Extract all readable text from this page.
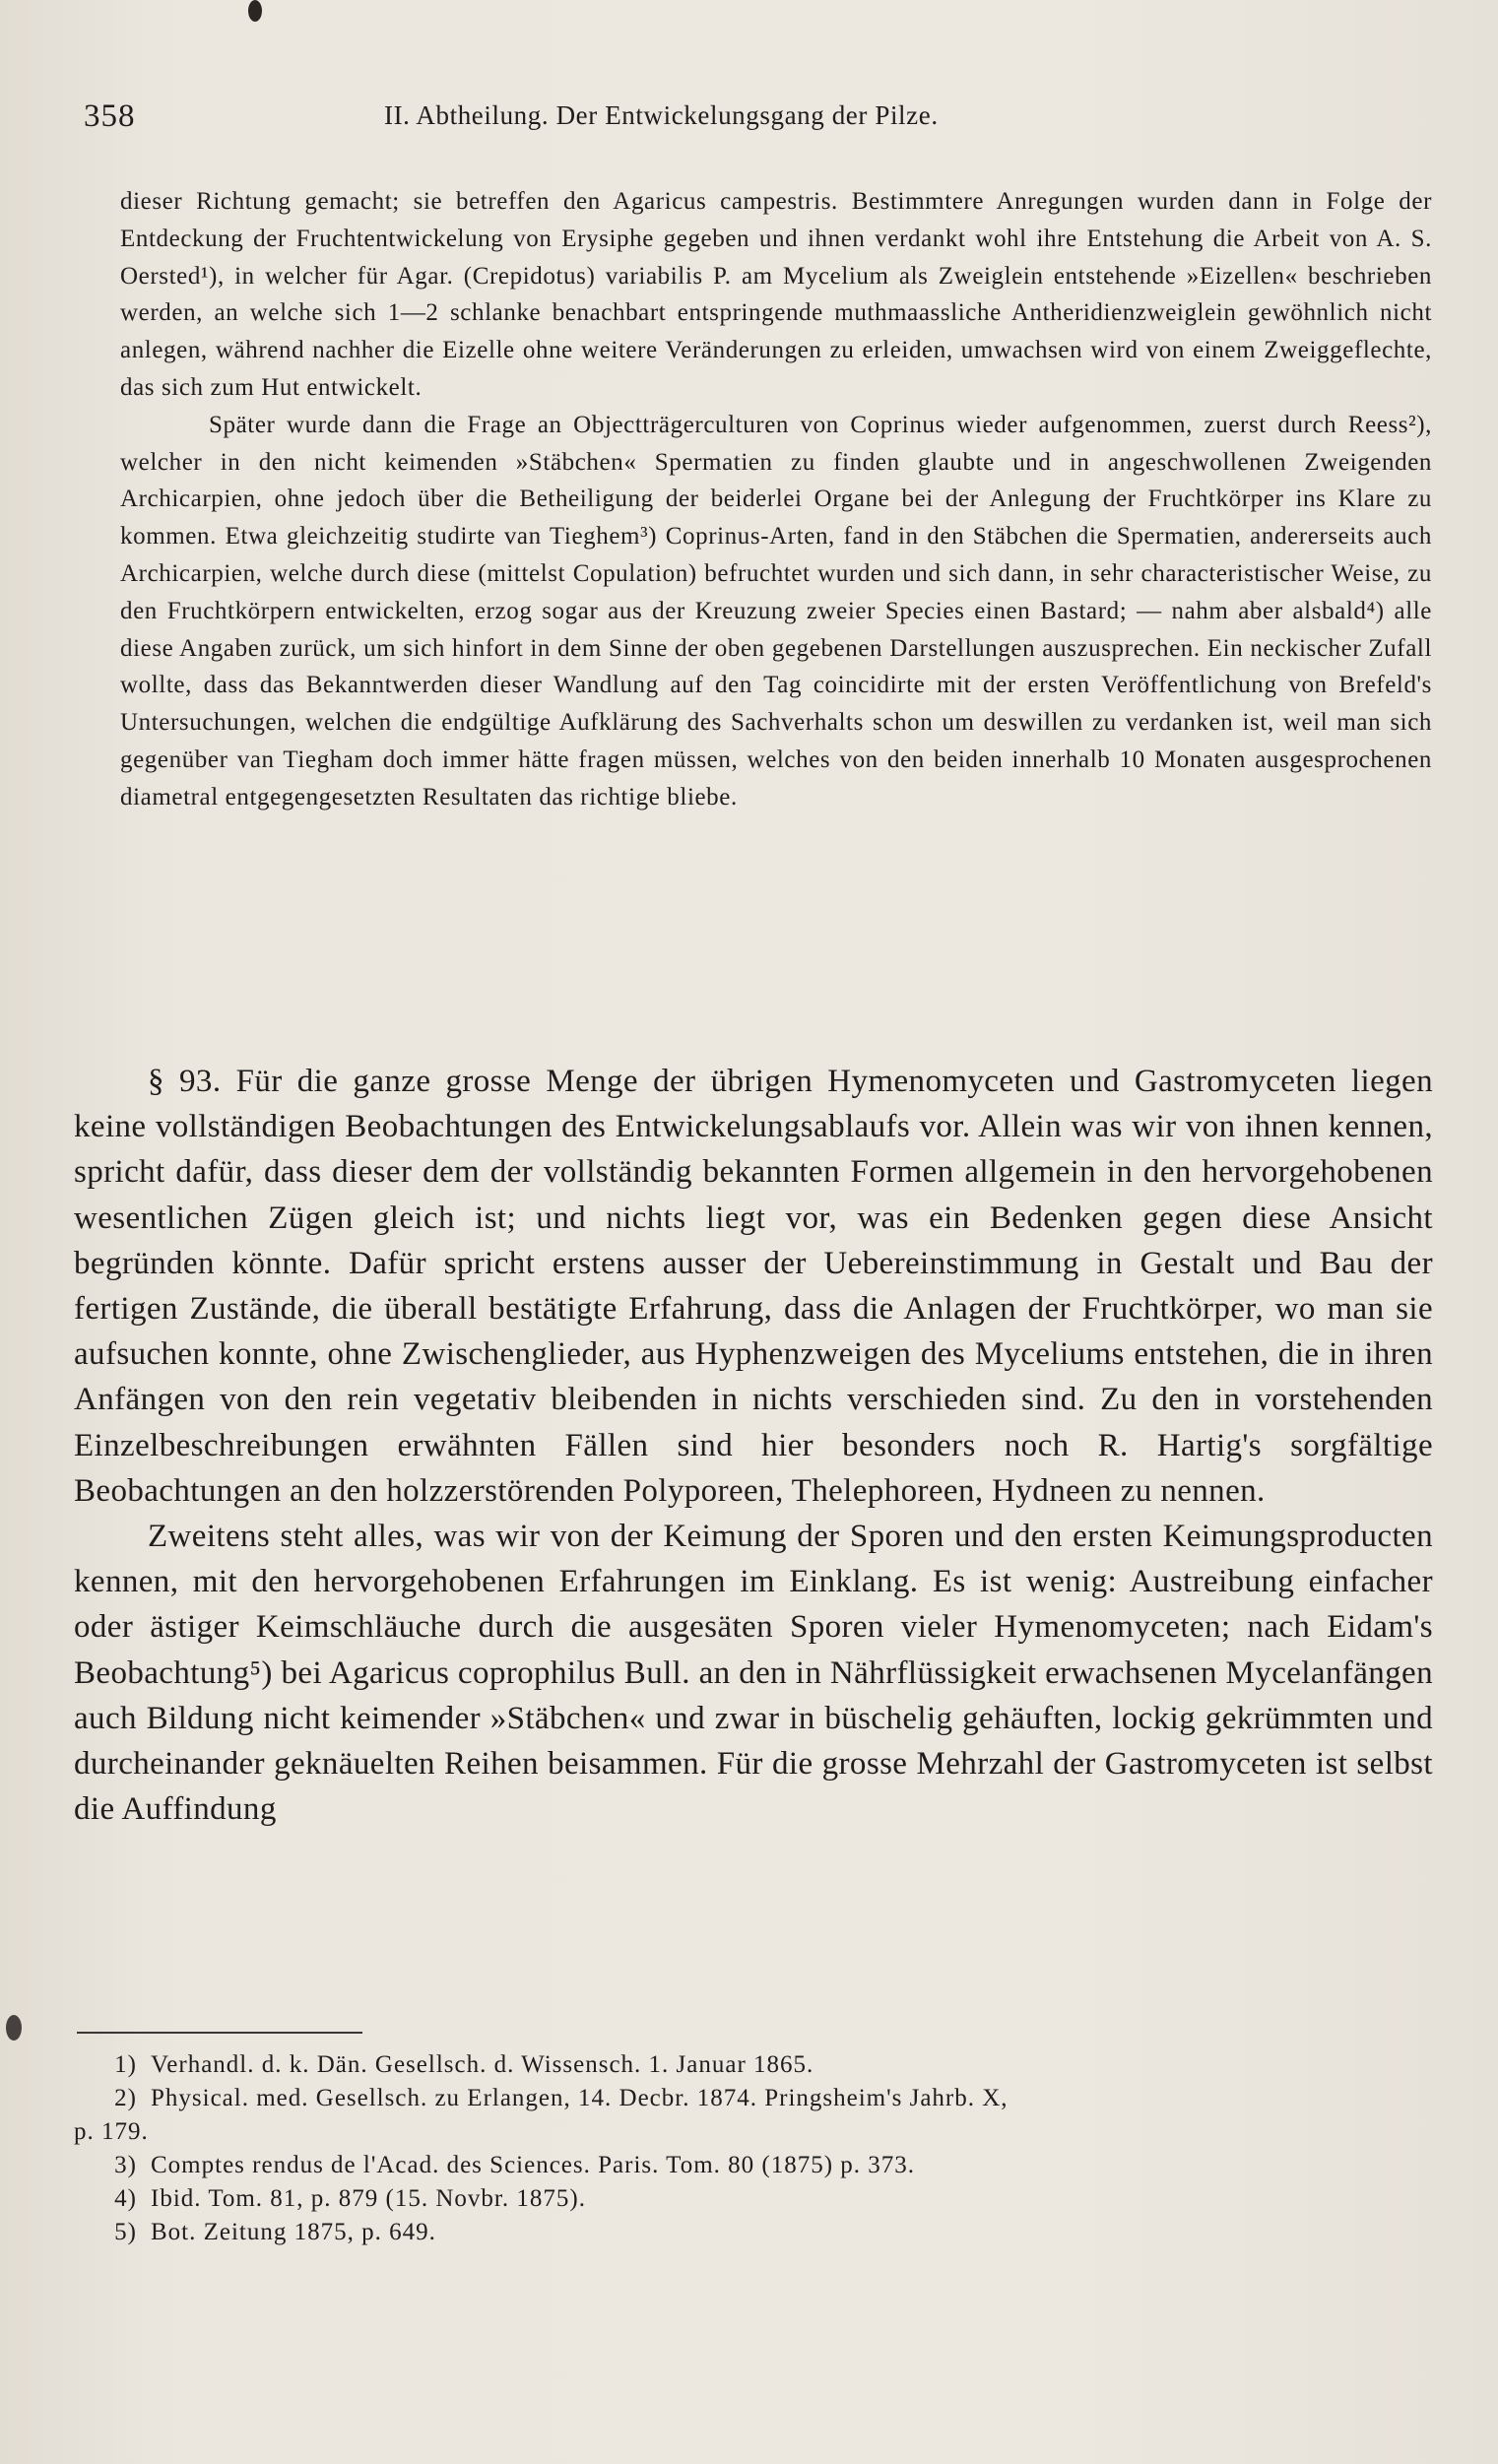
358	II. Abtheilung. Der Entwickelungsgang der Pilze.

dieser Richtung gemacht; sie betreffen den Agaricus campestris. Bestimmtere Anregungen wurden dann in Folge der Entdeckung der Fruchtentwickelung von Erysiphe gegeben und ihnen verdankt wohl ihre Entstehung die Arbeit von A. S. Oersted¹), in welcher für Agar. (Crepidotus) variabilis P. am Mycelium als Zweiglein entstehende »Eizellen« beschrieben werden, an welche sich 1—2 schlanke benachbart entspringende muthmaassliche Antheridienzweiglein gewöhnlich nicht anlegen, während nachher die Eizelle ohne weitere Veränderungen zu erleiden, umwachsen wird von einem Zweiggeflechte, das sich zum Hut entwickelt.

Später wurde dann die Frage an Objectträgerculturen von Coprinus wieder aufgenommen, zuerst durch Reess²), welcher in den nicht keimenden »Stäbchen« Spermatien zu finden glaubte und in angeschwollenen Zweigenden Archicarpien, ohne jedoch über die Betheiligung der beiderlei Organe bei der Anlegung der Fruchtkörper ins Klare zu kommen. Etwa gleichzeitig studirte van Tieghem³) Coprinus-Arten, fand in den Stäbchen die Spermatien, andererseits auch Archicarpien, welche durch diese (mittelst Copulation) befruchtet wurden und sich dann, in sehr characteristischer Weise, zu den Fruchtkörpern entwickelten, erzog sogar aus der Kreuzung zweier Species einen Bastard; — nahm aber alsbald⁴) alle diese Angaben zurück, um sich hinfort in dem Sinne der oben gegebenen Darstellungen auszusprechen. Ein neckischer Zufall wollte, dass das Bekanntwerden dieser Wandlung auf den Tag coincidirte mit der ersten Veröffentlichung von Brefeld's Untersuchungen, welchen die endgültige Aufklärung des Sachverhalts schon um deswillen zu verdanken ist, weil man sich gegenüber van Tiegham doch immer hätte fragen müssen, welches von den beiden innerhalb 10 Monaten ausgesprochenen diametral entgegengesetzten Resultaten das richtige bliebe.

§ 93. Für die ganze grosse Menge der übrigen Hymenomyceten und Gastromyceten liegen keine vollständigen Beobachtungen des Entwickelungsablaufs vor. Allein was wir von ihnen kennen, spricht dafür, dass dieser dem der vollständig bekannten Formen allgemein in den hervorgehobenen wesentlichen Zügen gleich ist; und nichts liegt vor, was ein Bedenken gegen diese Ansicht begründen könnte. Dafür spricht erstens ausser der Uebereinstimmung in Gestalt und Bau der fertigen Zustände, die überall bestätigte Erfahrung, dass die Anlagen der Fruchtkörper, wo man sie aufsuchen konnte, ohne Zwischenglieder, aus Hyphenzweigen des Myceliums entstehen, die in ihren Anfängen von den rein vegetativ bleibenden in nichts verschieden sind. Zu den in vorstehenden Einzelbeschreibungen erwähnten Fällen sind hier besonders noch R. Hartig's sorgfältige Beobachtungen an den holzzerstörenden Polyporeen, Thelephoreen, Hydneen zu nennen.

Zweitens steht alles, was wir von der Keimung der Sporen und den ersten Keimungsproducten kennen, mit den hervorgehobenen Erfahrungen im Einklang. Es ist wenig: Austreibung einfacher oder ästiger Keimschläuche durch die ausgesäten Sporen vieler Hymenomyceten; nach Eidam's Beobachtung⁵) bei Agaricus coprophilus Bull. an den in Nährflüssigkeit erwachsenen Mycelanfängen auch Bildung nicht keimender »Stäbchen« und zwar in büschelig gehäuften, lockig gekrümmten und durcheinander geknäuelten Reihen beisammen. Für die grosse Mehrzahl der Gastromyceten ist selbst die Auffindung

1) Verhandl. d. k. Dän. Gesellsch. d. Wissensch. 1. Januar 1865.

2) Physical. med. Gesellsch. zu Erlangen, 14. Decbr. 1874. Pringsheim's Jahrb. X,
p. 179.

3) Comptes rendus de l'Acad. des Sciences. Paris. Tom. 80 (1875) p. 373.

4) Ibid. Tom. 81, p. 879 (15. Novbr. 1875).

5) Bot. Zeitung 1875, p. 649.
